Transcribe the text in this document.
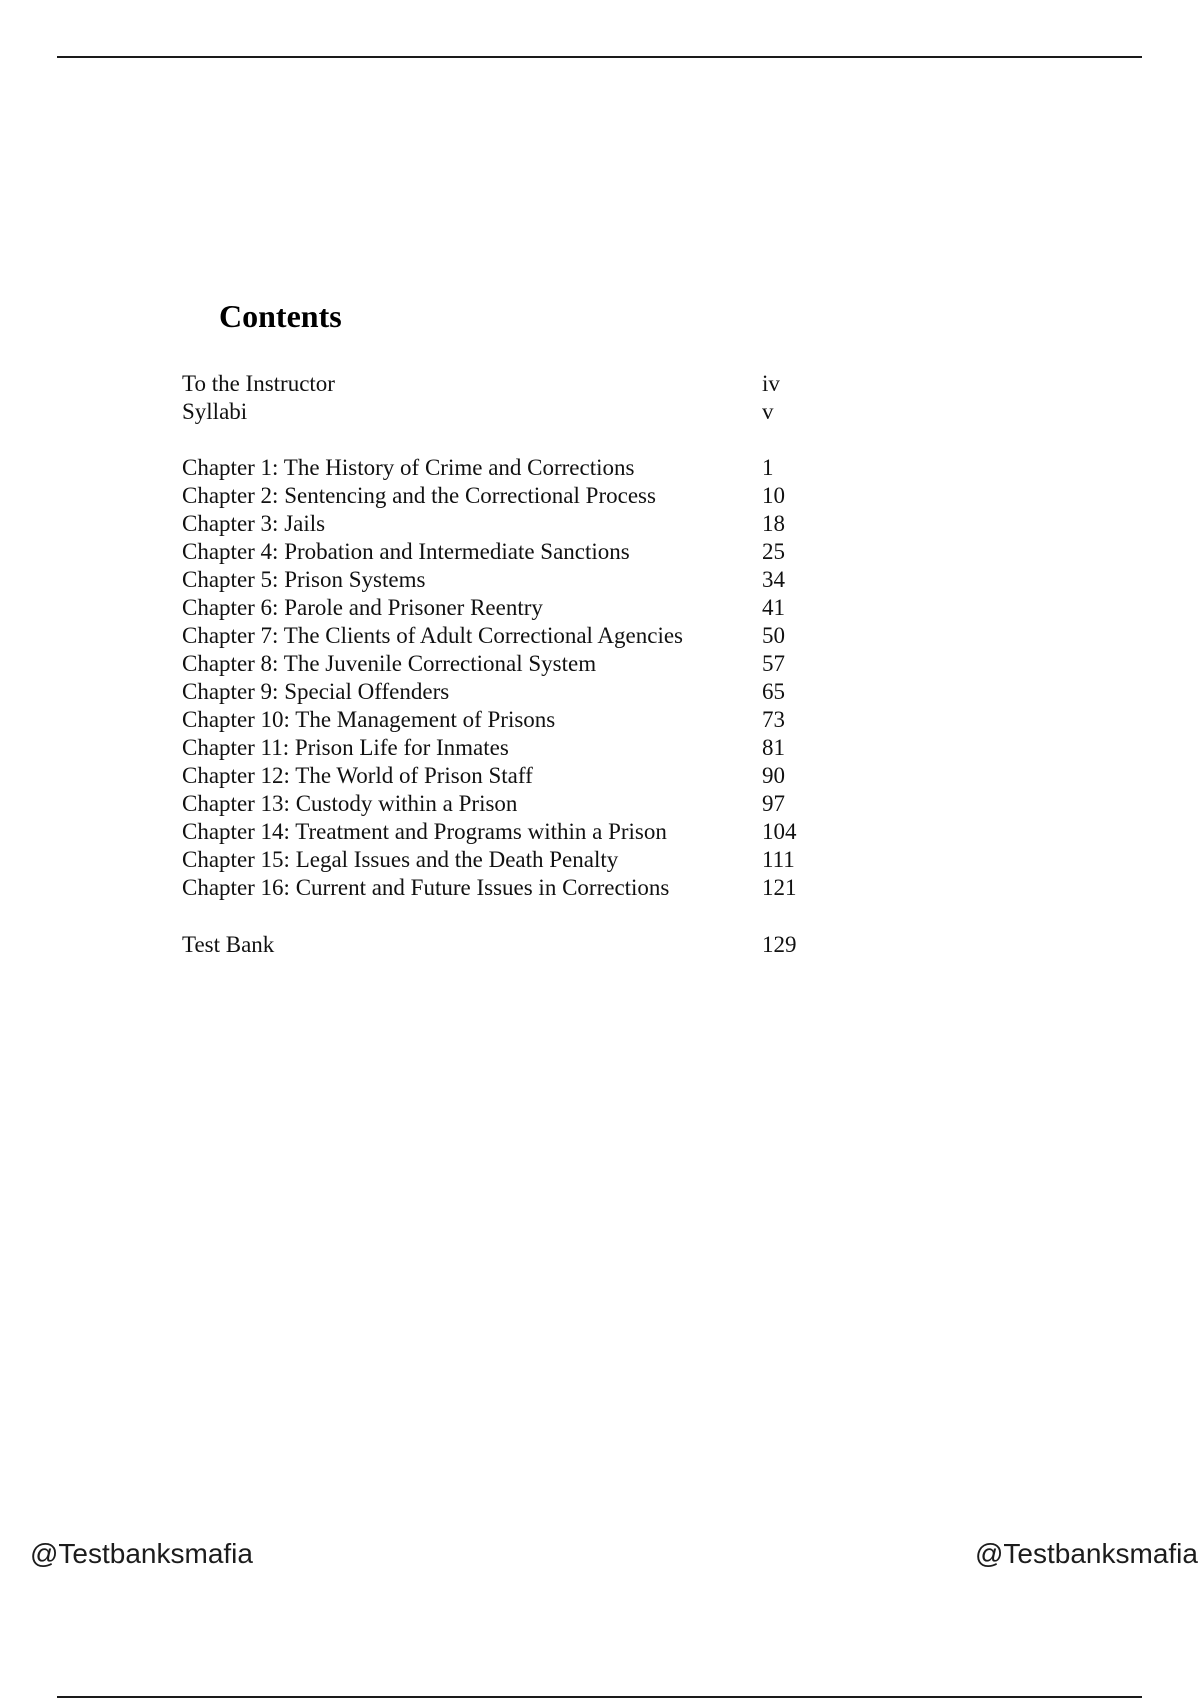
Contents
To the Instructor	iv
Syllabi	v
Chapter 1: The History of Crime and Corrections	1
Chapter 2: Sentencing and the Correctional Process	10
Chapter 3: Jails	18
Chapter 4: Probation and Intermediate Sanctions	25
Chapter 5: Prison Systems	34
Chapter 6: Parole and Prisoner Reentry	41
Chapter 7: The Clients of Adult Correctional Agencies	50
Chapter 8: The Juvenile Correctional System	57
Chapter 9: Special Offenders	65
Chapter 10: The Management of Prisons	73
Chapter 11: Prison Life for Inmates	81
Chapter 12: The World of Prison Staff	90
Chapter 13: Custody within a Prison	97
Chapter 14: Treatment and Programs within a Prison	104
Chapter 15: Legal Issues and the Death Penalty	111
Chapter 16: Current and Future Issues in Corrections	121
Test Bank	129
@Testbanksmafia	@Testbanksmafia
